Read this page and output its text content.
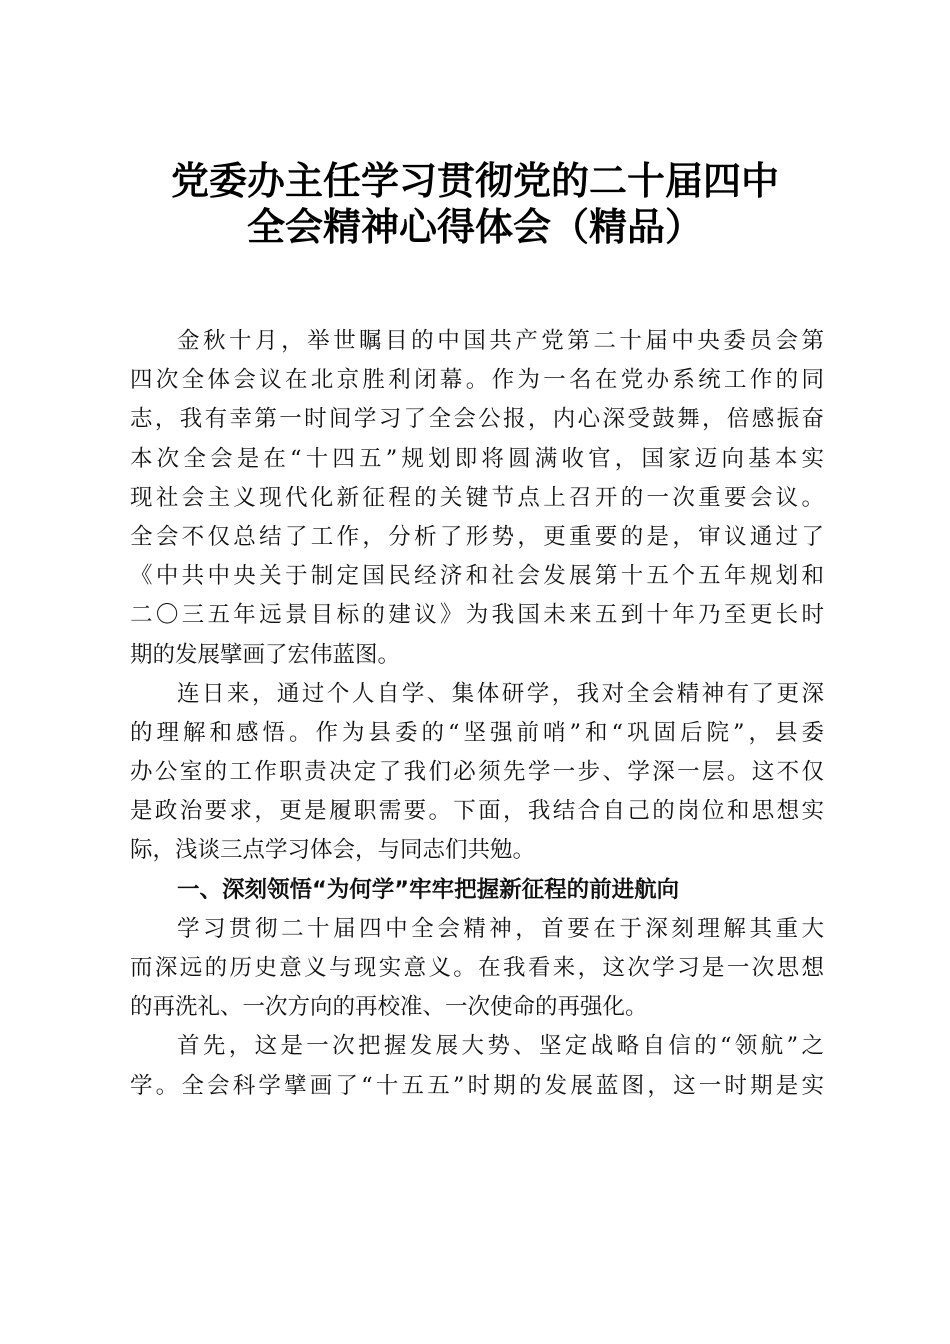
党委办主任学习贯彻党的二十届四中
全会精神心得体会（精品）
金秋十月，举世瞩目的中国共产党第二十届中央委员会第
四次全体会议在北京胜利闭幕。作为一名在党办系统工作的同
志，我有幸第一时间学习了全会公报，内心深受鼓舞，倍感振奋
本次全会是在“十四五”规划即将圆满收官，国家迈向基本实
现社会主义现代化新征程的关键节点上召开的一次重要会议。
全会不仅总结了工作，分析了形势，更重要的是，审议通过了
《中共中央关于制定国民经济和社会发展第十五个五年规划和
二〇三五年远景目标的建议》为我国未来五到十年乃至更长时
期的发展擘画了宏伟蓝图。
连日来，通过个人自学、集体研学，我对全会精神有了更深
的理解和感悟。作为县委的“坚强前哨”和“巩固后院”，县委
办公室的工作职责决定了我们必须先学一步、学深一层。这不仅
是政治要求，更是履职需要。下面，我结合自己的岗位和思想实
际，浅谈三点学习体会，与同志们共勉。
一、深刻领悟“为何学”牢牢把握新征程的前进航向
学习贯彻二十届四中全会精神，首要在于深刻理解其重大
而深远的历史意义与现实意义。在我看来，这次学习是一次思想
的再洗礼、一次方向的再校准、一次使命的再强化。
首先，这是一次把握发展大势、坚定战略自信的“领航”之
学。全会科学擘画了“十五五”时期的发展蓝图，这一时期是实
